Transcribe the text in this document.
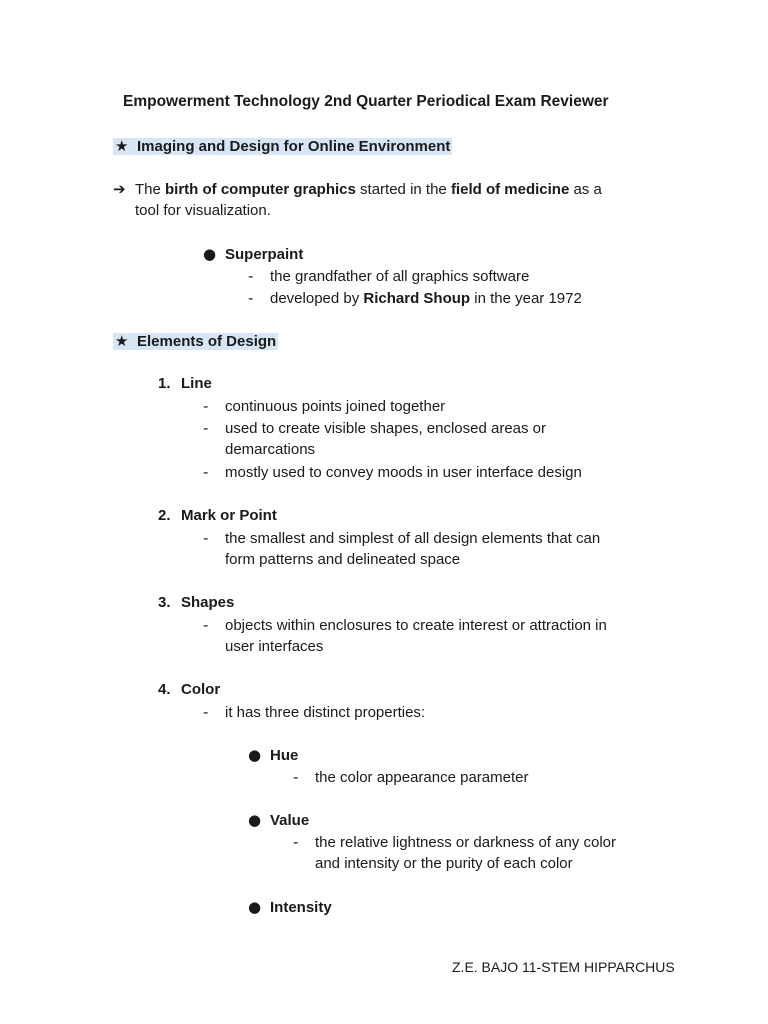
Empowerment Technology 2nd Quarter Periodical Exam Reviewer
★ Imaging and Design for Online Environment
➔ The birth of computer graphics started in the field of medicine as a
tool for visualization.
● Superpaint
- the grandfather of all graphics software
- developed by Richard Shoup in the year 1972
★ Elements of Design
1. Line
- continuous points joined together
- used to create visible shapes, enclosed areas or
demarcations
- mostly used to convey moods in user interface design
2. Mark or Point
- the smallest and simplest of all design elements that can
form patterns and delineated space
3. Shapes
- objects within enclosures to create interest or attraction in
user interfaces
4. Color
- it has three distinct properties:
● Hue
- the color appearance parameter
● Value
- the relative lightness or darkness of any color
and intensity or the purity of each color
● Intensity
Z.E. BAJO 11-STEM HIPPARCHUS
